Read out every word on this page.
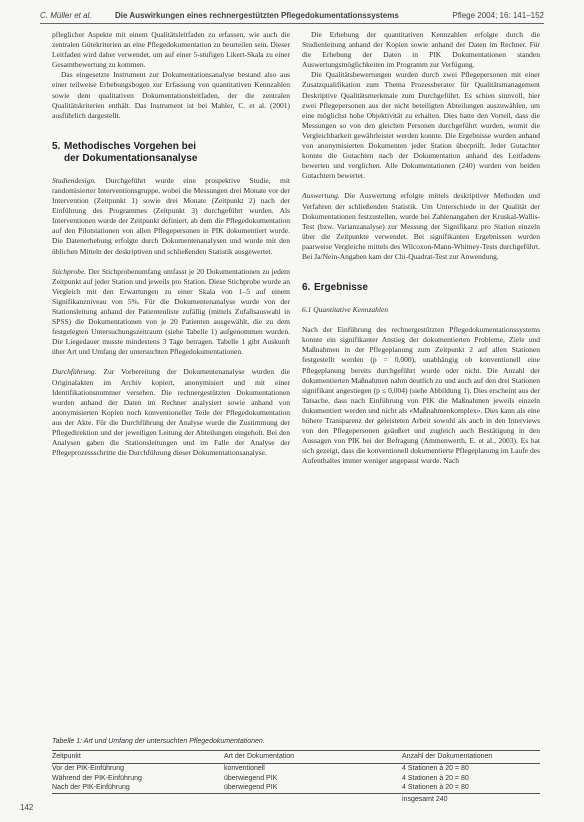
C. Müller et al.	Die Auswirkungen eines rechnergestützten Pflegedokumentationssystems	Pflege 2004; 16: 141–152

pfleglicher Aspekte mit einem Qualitätsleitfaden zu erfassen, wie auch die zentralen Gütekriterien an eine Pflegedokumentation zu beurteilen sein. Dieser Leitfaden wird daher verwendet, um auf einer 5-stufigen Likert-Skala zu einer Gesamtbewertung zu kommen.

Das eingesetzte Instrument zur Dokumentationsanalyse bestand also aus einer teilweise Erhebungsbogen zur Erfassung von quantitativen Kennzahlen sowie dem qualitativen Dokumentationsleitfaden, der die zentralen Qualitätskriterien enthält. Das Instrument ist bei Mahler, C. et al. (2001) ausführlich dargestellt.

5. Methodisches Vorgehen bei
der Dokumentationsanalyse

Studiendesign. Durchgeführt wurde eine prospektive Studie, mit randomisierter Interventionsgruppe, wobei die Messungen drei Monate vor der Intervention (Zeitpunkt 1) sowie drei Monate (Zeitpunkt 2) nach der Einführung des Programmes (Zeitpunkt 3) durchgeführt wurden. Als Interventionen wurde der Zeitpunkt definiert, ab dem die Pflegedokumentation auf den Pilotstationen von allen Pflegepersonen in PIK dokumentiert wurde. Die Datenerhebung erfolgte durch Dokumentenanalysen und wurde mit den üblichen Mitteln der deskriptiven und schließenden Statistik ausgewertet.

Stichprobe. Der Stichprobenumfang umfasst je 20 Dokumentationen zu jedem Zeitpunkt auf jeder Station und jeweils pro Station. Diese Stichprobe wurde an Vergleich mit den Erwartungen zu einer Skala von 1–5 auf einem Signifikanzniveau von 5%. Für die Dokumentenanalyse wurde von der Stationsleitung anhand der Patientenliste zufällig (mittels Zufallsauswahl in SPSS) die Dokumentationen von je 20 Patienten ausgewählt, die zu dem festgelegten Untersuchungszeitraum (siehe Tabelle 1) aufgenommen wurden. Die Liegedauer musste mindestens 3 Tage betragen. Tabelle 1 gibt Auskunft über Art und Umfang der untersuchten Pflegedokumentationen.

Durchführung. Zur Vorbereitung der Dokumentenanalyse wurden die Originalakten im Archiv kopiert, anonymisiert und mit einer Identifikationsnummer versehen. Die rechnergestützten Dokumentationen wurden anhand der Daten im Rechner analysiert sowie anhand von anonymisierten Kopien noch konventioneller Teile der Pflegedokumentation aus der Akte. Für die Durchführung der Analyse wurde die Zustimmung der Pflegedirektion und der jeweiligen Leitung der Abteilungen eingeholt. Bei den Analysen gaben die Stationsleitungen und im Falle der Analyse der Pflegeprozessschritte die Durchführung dieser Dokumentationsanalyse.

Die Erhebung der quantitativen Kennzahlen erfolgte durch die Studienleitung anhand der Kopien sowie anhand der Daten im Rechner. Für die Erhebung der Daten in PIK Dokumentationen standen Auswertungsmöglichkeiten im Programm zur Verfügung.

Die Qualitätsbewertungen wurden durch zwei Pflegepersonen mit einer Zusatzqualifikation zum Thema Prozessberater für Qualitätsmanagement Deskriptive Qualitätsmerkmale zum Durchgeführt. Es schien sinnvoll, hier zwei Pflegepersonen aus der nicht beteiligten Abteilungen auszuwählen, um eine möglichst hohe Objektivität zu erhalten. Dies hatte den Vorteil, dass die Messungen so von den gleichen Personen durchgeführt wurden, womit die Vergleichbarkeit gewährleistet werden konnte. Die Ergebnisse wurden anhand von anonymisierten Dokumenten jeder Station überprüft. Jeder Gutachter konnte die Gutachten nach der Dokumentation anhand des Leitfadens bewerten und verglichen. Alle Dokumentationen (240) wurden von beiden Gutachtern bewertet.

Auswertung. Die Auswertung erfolgte mittels deskriptiver Methoden und Verfahren der schließenden Statistik. Um Unterschiede in der Qualität der Dokumentationen festzustellen, wurde bei Zahlenangaben der Kruskal-Wallis-Test (bzw. Varianzanalyse) zur Messung der Signifikanz pro Station einzeln über die Zeitpunkte verwendet. Bei signifikanten Ergebnissen wurden paarweise Vergleiche mittels des Wilcoxon-Mann-Whitney-Tests durchgeführt. Bei Ja/Nein-Angaben kam der Chi-Quadrat-Test zur Anwendung.

6. Ergebnisse
6.1 Quantitative Kennzahlen

Nach der Einführung des rechnergestützten Pflegedokumentationssystems konnte ein signifikanter Anstieg der dokumentierten Probleme, Ziele und Maßnahmen in der Pflegeplanung zum Zeitpunkt 2 auf allen Stationen festgestellt werden (p = 0,000), unabhängig ob konventionell eine Pflegeplanung bereits durchgeführt wurde oder nicht. Die Anzahl der dokumentierten Maßnahmen nahm deutlich zu und auch auf den drei Stationen signifikant angestiegen (p ≤ 0,004) (siehe Abbildung 1). Dies erscheint aus der Tatsache, dass nach Einführung von PIK die Maßnahmen jeweils einzeln dokumentiert werden und nicht als «Maßnahmenkomplex». Dies kann als eine höhere Transparenz der geleisteten Arbeit sowohl als auch in den Interviews von den Pflegepersonen geäußert und zugleich auch Bestätigung in den Aussagen von PIK bei der Befragung (Ammenwerth, E. et al., 2003). Es hat sich gezeigt, dass die konventionell dokumentierte Pflegeplanung im Laufe des Aufenthaltes immer weniger angepasst wurde. Nach

Tabelle 1: Art und Umfang der untersuchten Pflegedokumentationen.
Zeitpunkt	Art der Dokumentation	Anzahl der Dokumentationen
Vor der PIK-Einführung	konventionell	4 Stationen à 20 = 80
Während der PIK-Einführung	überwiegend PIK	4 Stationen à 20 = 80
Nach der PIK-Einführung	überwiegend PIK	4 Stationen à 20 = 80
		insgesamt 240
142
